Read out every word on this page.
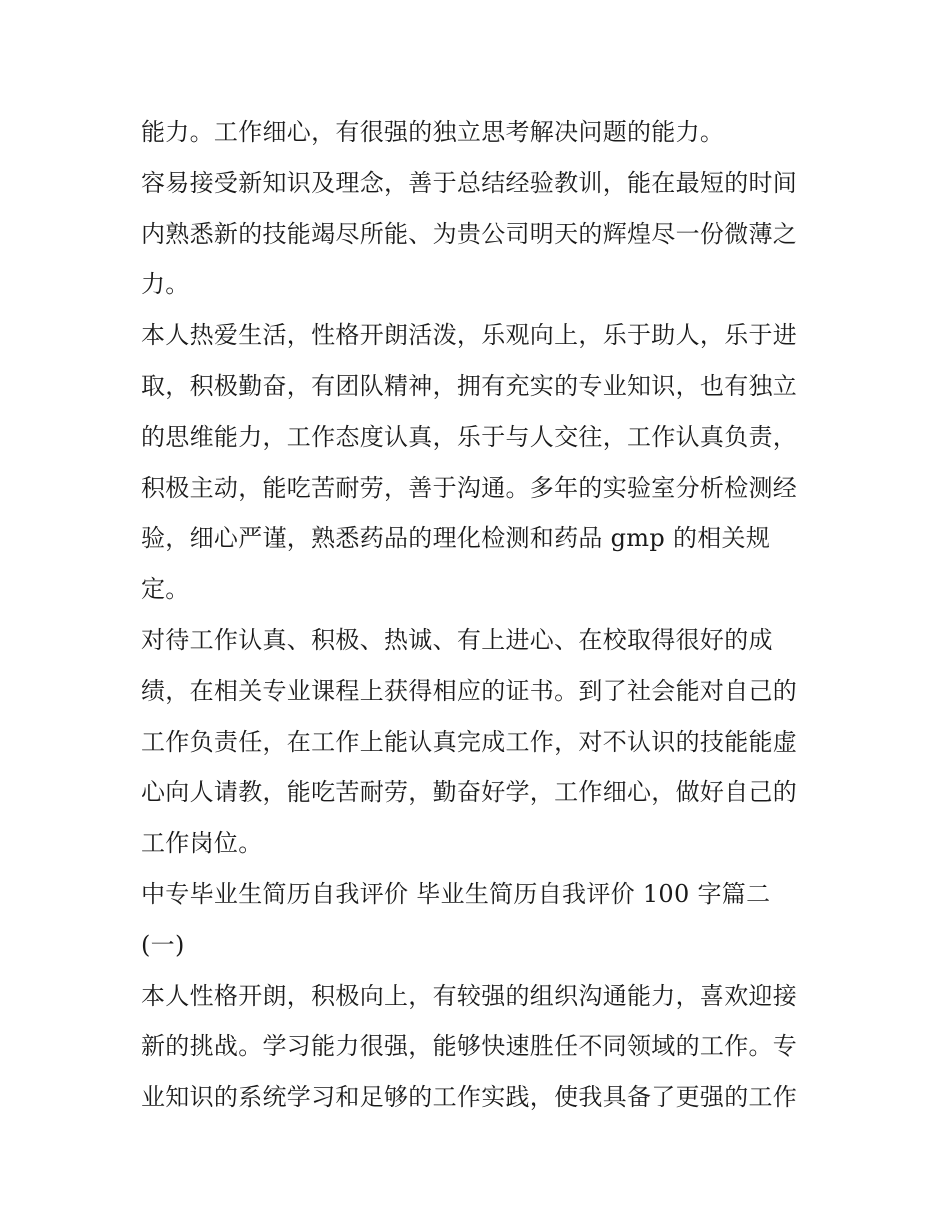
能力。工作细心，有很强的独立思考解决问题的能力。
容易接受新知识及理念，善于总结经验教训，能在最短的时间
内熟悉新的技能竭尽所能、为贵公司明天的辉煌尽一份微薄之
力。
本人热爱生活，性格开朗活泼，乐观向上，乐于助人，乐于进
取，积极勤奋，有团队精神，拥有充实的专业知识，也有独立
的思维能力，工作态度认真，乐于与人交往，工作认真负责，
积极主动，能吃苦耐劳，善于沟通。多年的实验室分析检测经
验，细心严谨，熟悉药品的理化检测和药品 gmp 的相关规
定。
对待工作认真、积极、热诚、有上进心、在校取得很好的成
绩，在相关专业课程上获得相应的证书。到了社会能对自己的
工作负责任，在工作上能认真完成工作，对不认识的技能能虚
心向人请教，能吃苦耐劳，勤奋好学，工作细心，做好自己的
工作岗位。
中专毕业生简历自我评价 毕业生简历自我评价 100 字篇二
(一)
本人性格开朗，积极向上，有较强的组织沟通能力，喜欢迎接
新的挑战。学习能力很强，能够快速胜任不同领域的工作。专
业知识的系统学习和足够的工作实践，使我具备了更强的工作
